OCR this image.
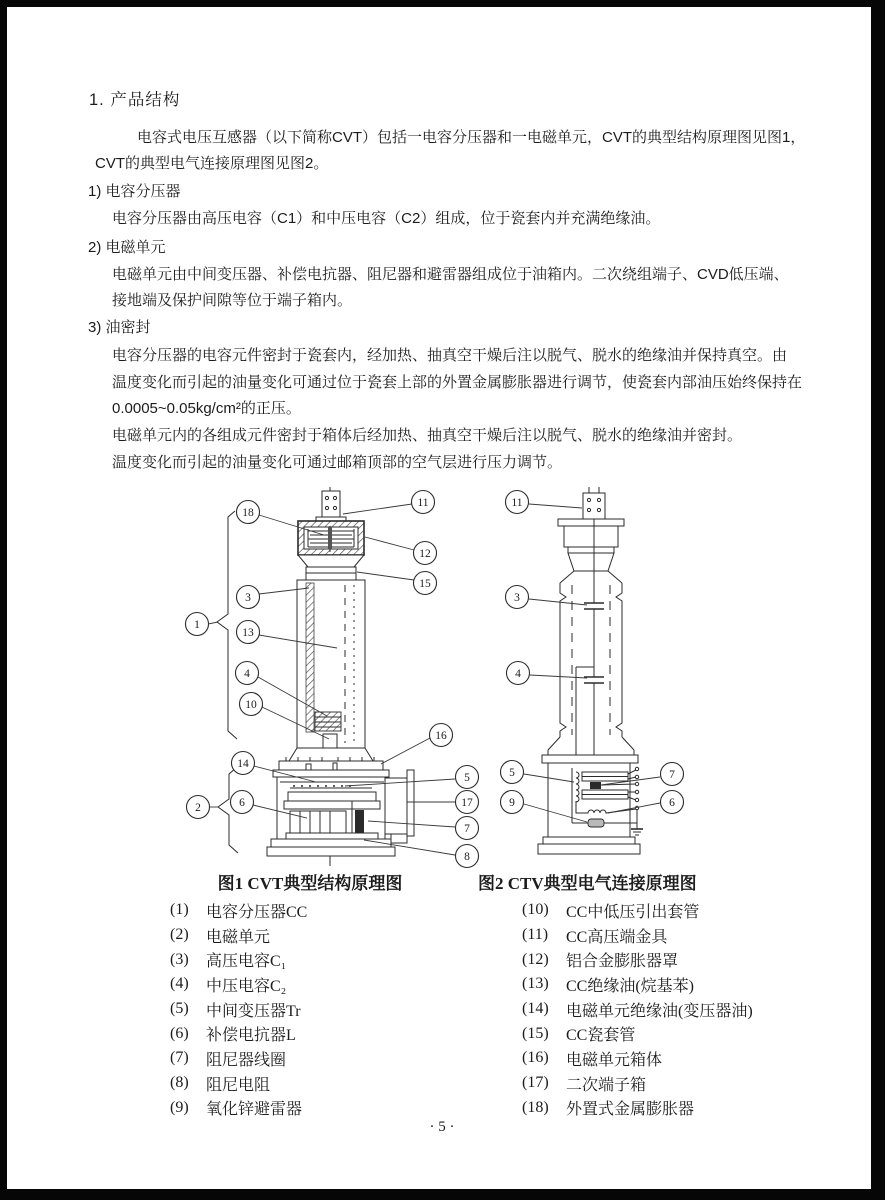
1. 产品结构
电容式电压互感器（以下简称CVT）包括一电容分压器和一电磁单元，CVT的典型结构原理图见图1，
CVT的典型电气连接原理图见图2。
1) 电容分压器
电容分压器由高压电容（C1）和中压电容（C2）组成，位于瓷套内并充满绝缘油。
2) 电磁单元
电磁单元由中间变压器、补偿电抗器、阻尼器和避雷器组成位于油箱内。二次绕组端子、CVD低压端、
接地端及保护间隙等位于端子箱内。
3) 油密封
电容分压器的电容元件密封于瓷套内，经加热、抽真空干燥后注以脱气、脱水的绝缘油并保持真空。由
温度变化而引起的油量变化可通过位于瓷套上部的外置金属膨胀器进行调节，使瓷套内部油压始终保持在
0.0005~0.05kg/cm²的正压。
电磁单元内的各组成元件密封于箱体后经加热、抽真空干燥后注以脱气、脱水的绝缘油并密封。
温度变化而引起的油量变化可通过邮箱顶部的空气层进行压力调节。
11
18
12
15
3
1
13
4
10
16
14
5
2	6	17
7
8
11
3
4
5
9
7
6
图1 CVT典型结构原理图	图2 CTV典型电气连接原理图
(1)	电容分压器CC
(2)	电磁单元
(3)	高压电容C₁
(4)	中压电容C₂
(5)	中间变压器Tr
(6)	补偿电抗器L
(7)	阻尼器线圈
(8)	阻尼电阻
(9)	氧化锌避雷器
(10)	CC中低压引出套管
(11)	CC高压端金具
(12)	铝合金膨胀器罩
(13)	CC绝缘油(烷基苯)
(14)	电磁单元绝缘油(变压器油)
(15)	CC瓷套管
(16)	电磁单元箱体
(17)	二次端子箱
(18)	外置式金属膨胀器
· 5 ·
